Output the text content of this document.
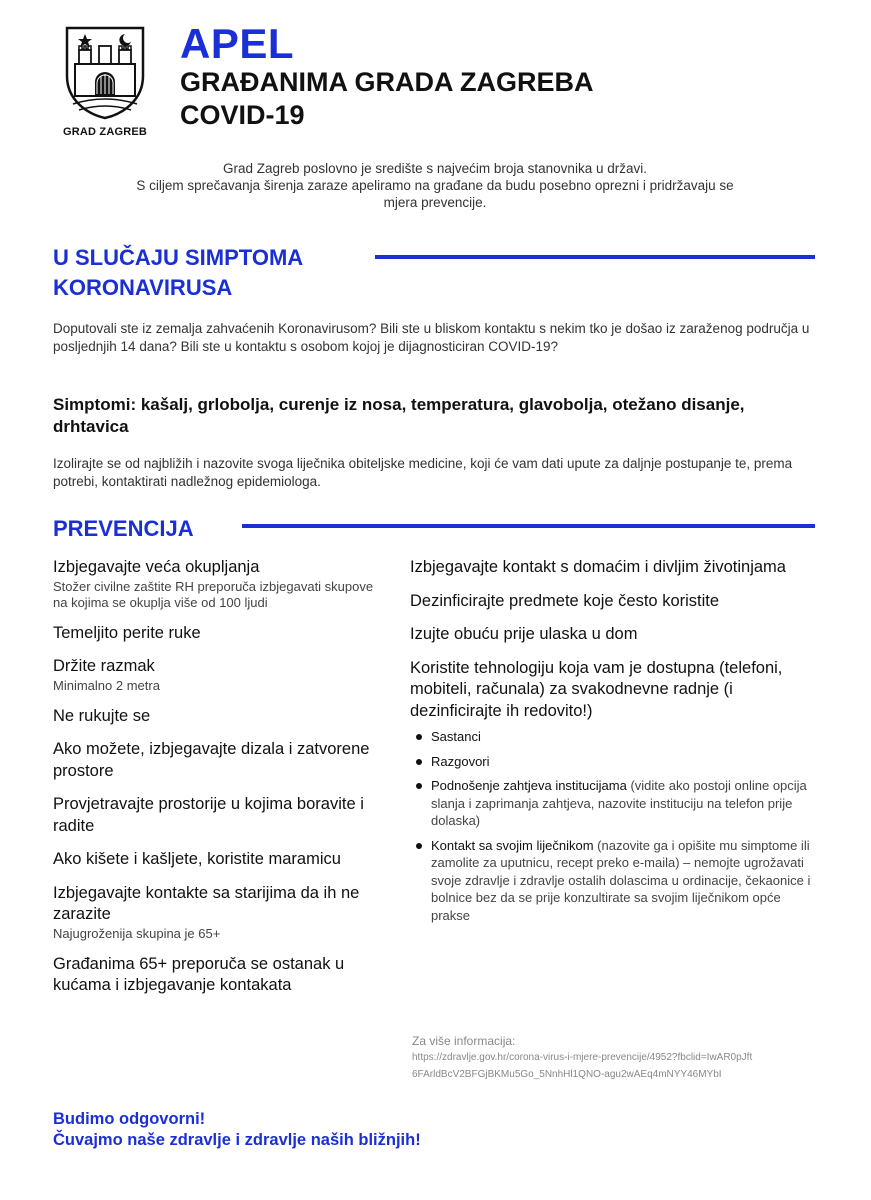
GRAD ZAGREB
APEL
GRAĐANIMA GRADA ZAGREBA
COVID-19
Grad Zagreb poslovno je središte s najvećim broja stanovnika u državi.
S ciljem sprečavanja širenja zaraze apeliramo na građane da budu posebno oprezni i pridržavaju se
mjera prevencije.
U SLUČAJU SIMPTOMA
KORONAVIRUSA
Doputovali ste iz zemalja zahvaćenih Koronavirusom? Bili ste u bliskom kontaktu s nekim tko je došao iz zaraženog područja u posljednjih 14 dana? Bili ste u kontaktu s osobom kojoj je dijagnosticiran COVID-19?
Simptomi: kašalj, grlobolja, curenje iz nosa, temperatura, glavobolja, otežano disanje, drhtavica
Izolirajte se od najbližih i nazovite svoga liječnika obiteljske medicine, koji će vam dati upute za daljnje postupanje te, prema potrebi, kontaktirati nadležnog epidemiologa.
PREVENCIJA
Izbjegavajte veća okupljanja
Stožer civilne zaštite RH preporuča izbjegavati skupove na kojima se okuplja više od 100 ljudi
Temeljito perite ruke
Držite razmak
Minimalno 2 metra
Ne rukujte se
Ako možete, izbjegavajte dizala i zatvorene prostore
Provjetravajte prostorije u kojima boravite i radite
Ako kišete i kašljete, koristite maramicu
Izbjegavajte kontakte sa starijima da ih ne zarazite
Najugroženija skupina je 65+
Građanima 65+ preporuča se ostanak u kućama i izbjegavanje kontakata
Izbjegavajte kontakt s domaćim i divljim životinjama
Dezinficirajte predmete koje često koristite
Izujte obuću prije ulaska u dom
Koristite tehnologiju koja vam je dostupna (telefoni, mobiteli, računala) za svakodnevne radnje (i dezinficirajte ih redovito!)
Sastanci
Razgovori
Podnošenje zahtjeva institucijama (vidite ako postoji online opcija slanja i zaprimanja zahtjeva, nazovite instituciju na telefon prije dolaska)
Kontakt sa svojim liječnikom (nazovite ga i opišite mu simptome ili zamolite za uputnicu, recept preko e-maila) – nemojte ugrožavati svoje zdravlje i zdravlje ostalih dolascima u ordinacije, čekaonice i bolnice bez da se prije konzultirate sa svojim liječnikom opće prakse
Za više informacija:
https://zdravlje.gov.hr/corona-virus-i-mjere-prevencije/4952?fbclid=IwAR0pJft
6FArldBcV2BFGjBKMu5Go_5NnhHl1QNO-agu2wAEq4mNYY46MYbI
Budimo odgovorni!
Čuvajmo naše zdravlje i zdravlje naših bližnjih!
